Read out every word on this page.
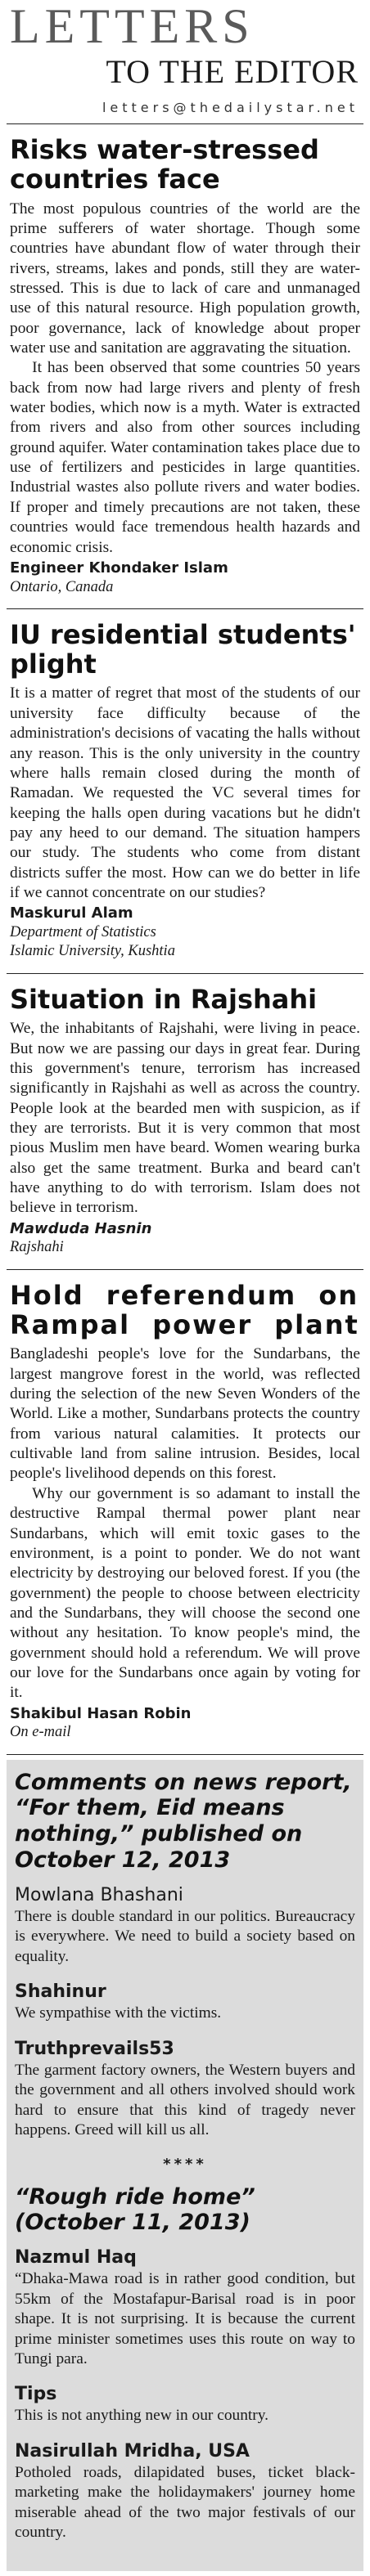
LETTERS
TO THE EDITOR
letters@thedailystar.net
Risks water-stressed countries face

The most populous countries of the world are the prime sufferers of water shortage. Though some countries have abundant flow of water through their rivers, streams, lakes and ponds, still they are water-stressed. This is due to lack of care and unmanaged use of this natural resource. High population growth, poor governance, lack of knowledge about proper water use and sanitation are aggravating the situation.

It has been observed that some countries 50 years back from now had large rivers and plenty of fresh water bodies, which now is a myth. Water is extracted from rivers and also from other sources including ground aquifer. Water contamination takes place due to use of fertilizers and pesticides in large quantities. Industrial wastes also pollute rivers and water bodies. If proper and timely precautions are not taken, these countries would face tremendous health hazards and economic crisis.

Engineer Khondaker Islam
Ontario, Canada
IU residential students' plight

It is a matter of regret that most of the students of our university face difficulty because of the administration's decisions of vacating the halls without any reason. This is the only university in the country where halls remain closed during the month of Ramadan. We requested the VC several times for keeping the halls open during vacations but he didn't pay any heed to our demand. The situation hampers our study. The students who come from distant districts suffer the most. How can we do better in life if we cannot concentrate on our studies?

Maskurul Alam
Department of Statistics
Islamic University, Kushtia
Situation in Rajshahi

We, the inhabitants of Rajshahi, were living in peace. But now we are passing our days in great fear. During this government's tenure, terrorism has increased significantly in Rajshahi as well as across the country. People look at the bearded men with suspicion, as if they are terrorists. But it is very common that most pious Muslim men have beard. Women wearing burka also get the same treatment. Burka and beard can't have anything to do with terrorism. Islam does not believe in terrorism.

Mawduda Hasnin
Rajshahi
Hold referendum on Rampal power plant

Bangladeshi people's love for the Sundarbans, the largest mangrove forest in the world, was reflected during the selection of the new Seven Wonders of the World. Like a mother, Sundarbans protects the country from various natural calamities. It protects our cultivable land from saline intrusion. Besides, local people's livelihood depends on this forest.

Why our government is so adamant to install the destructive Rampal thermal power plant near Sundarbans, which will emit toxic gases to the environment, is a point to ponder. We do not want electricity by destroying our beloved forest. If you (the government) the people to choose between electricity and the Sundarbans, they will choose the second one without any hesitation. To know people's mind, the government should hold a referendum. We will prove our love for the Sundarbans once again by voting for it.

Shakibul Hasan Robin
On e-mail
Comments on news report, “For them, Eid means nothing,” published on October 12, 2013
Mowlana Bhashani
There is double standard in our politics. Bureaucracy is everywhere. We need to build a society based on equality.
Shahinur
We sympathise with the victims.
Truthprevails53
The garment factory owners, the Western buyers and the government and all others involved should work hard to ensure that this kind of tragedy never happens. Greed will kill us all.
****
“Rough ride home” (October 11, 2013)
Nazmul Haq
“Dhaka-Mawa road is in rather good condition, but 55km of the Mostafapur-Barisal road is in poor shape. It is not surprising. It is because the current prime minister sometimes uses this route on way to Tungi para.
Tips
This is not anything new in our country.
Nasirullah Mridha, USA
Potholed roads, dilapidated buses, ticket black-marketing make the holidaymakers' journey home miserable ahead of the two major festivals of our country.
